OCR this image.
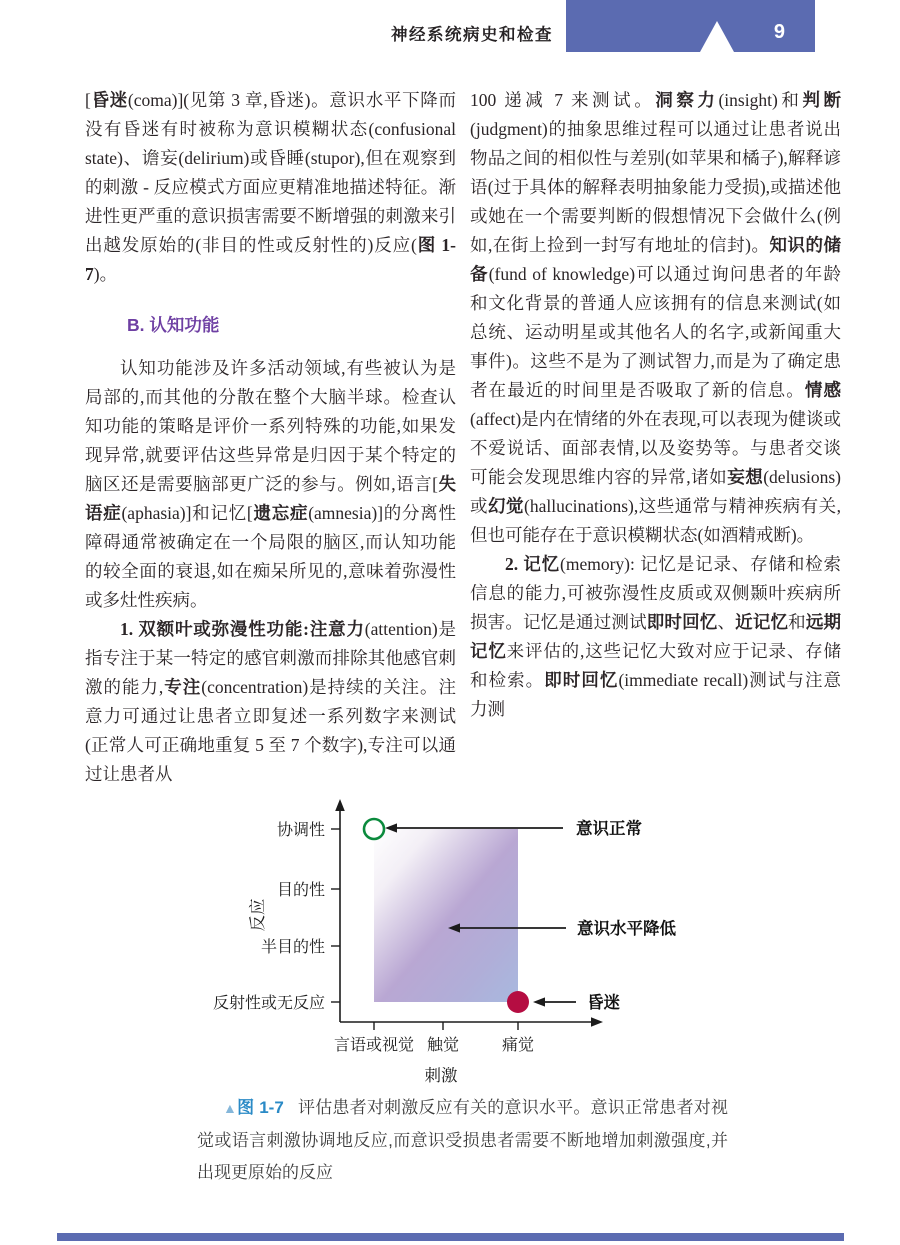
神经系统病史和检查	9

[昏迷(coma)](见第 3 章,昏迷)。意识水平下降而没有昏迷有时被称为意识模糊状态(confusional state)、谵妄(delirium)或昏睡(stupor),但在观察到的刺激 - 反应模式方面应更精准地描述特征。渐进性更严重的意识损害需要不断增强的刺激来引出越发原始的(非目的性或反射性的)反应(图 1-7)。

B. 认知功能

认知功能涉及许多活动领域,有些被认为是局部的,而其他的分散在整个大脑半球。检查认知功能的策略是评价一系列特殊的功能,如果发现异常,就要评估这些异常是归因于某个特定的脑区还是需要脑部更广泛的参与。例如,语言[失语症(aphasia)]和记忆[遗忘症(amnesia)]的分离性障碍通常被确定在一个局限的脑区,而认知功能的较全面的衰退,如在痴呆所见的,意味着弥漫性或多灶性疾病。

1. 双额叶或弥漫性功能:注意力(attention)是指专注于某一特定的感官刺激而排除其他感官刺激的能力,专注(concentration)是持续的关注。注意力可通过让患者立即复述一系列数字来测试(正常人可正确地重复 5 至 7 个数字),专注可以通过让患者从

100 递减 7 来测试。洞察力(insight)和判断(judgment)的抽象思维过程可以通过让患者说出物品之间的相似性与差别(如苹果和橘子),解释谚语(过于具体的解释表明抽象能力受损),或描述他或她在一个需要判断的假想情况下会做什么(例如,在街上捡到一封写有地址的信封)。知识的储备(fund of knowledge)可以通过询问患者的年龄和文化背景的普通人应该拥有的信息来测试(如总统、运动明星或其他名人的名字,或新闻重大事件)。这些不是为了测试智力,而是为了确定患者在最近的时间里是否吸取了新的信息。情感(affect)是内在情绪的外在表现,可以表现为健谈或不爱说话、面部表情,以及姿势等。与患者交谈可能会发现思维内容的异常,诸如妄想(delusions)或幻觉(hallucinations),这些通常与精神疾病有关,但也可能存在于意识模糊状态(如酒精戒断)。

2. 记忆(memory): 记忆是记录、存储和检索信息的能力,可被弥漫性皮质或双侧颞叶疾病所损害。记忆是通过测试即时回忆、近记忆和远期记忆来评估的,这些记忆大致对应于记录、存储和检索。即时回忆(immediate recall)测试与注意力测

协调性
目的性
半目的性
反射性或无反应
言语或视觉 触觉	痛觉
刺激
反应
意识正常
意识水平降低
昏迷
▲图 1-7 评估患者对刺激反应有关的意识水平。意识正常患者对视觉或语言刺激协调地反应,而意识受损患者需要不断地增加刺激强度,并出现更原始的反应
